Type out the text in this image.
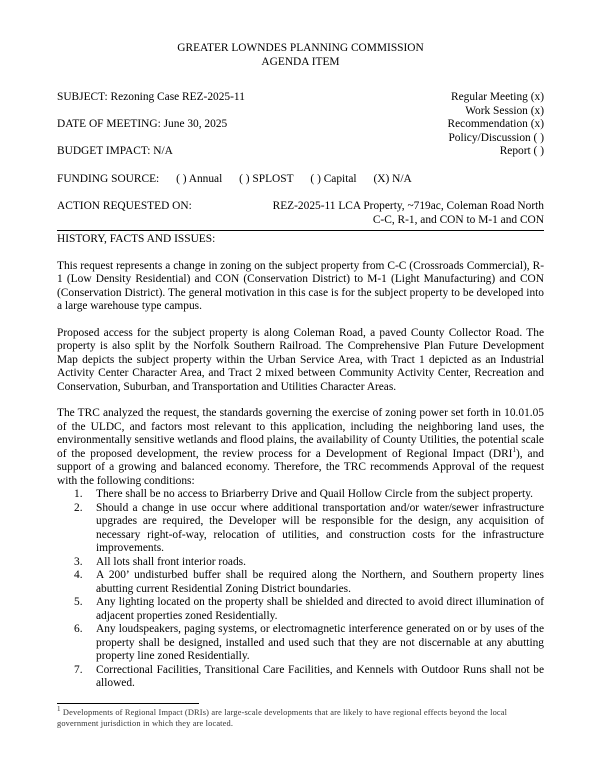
GREATER LOWNDES PLANNING COMMISSION
AGENDA ITEM
SUBJECT: Rezoning Case REZ-2025-11
DATE OF MEETING: June 30, 2025
BUDGET IMPACT: N/A
Regular Meeting (x)
Work Session (x)
Recommendation (x)
Policy/Discussion ( )
Report ( )
FUNDING SOURCE: ( ) Annual ( ) SPLOST ( ) Capital (X) N/A
ACTION REQUESTED ON:	REZ-2025-11 LCA Property, ~719ac, Coleman Road North
C-C, R-1, and CON to M-1 and CON
HISTORY, FACTS AND ISSUES:

This request represents a change in zoning on the subject property from C-C (Crossroads Commercial), R-1 (Low Density Residential) and CON (Conservation District) to M-1 (Light Manufacturing) and CON (Conservation District). The general motivation in this case is for the subject property to be developed into a large warehouse type campus.

Proposed access for the subject property is along Coleman Road, a paved County Collector Road. The property is also split by the Norfolk Southern Railroad. The Comprehensive Plan Future Development Map depicts the subject property within the Urban Service Area, with Tract 1 depicted as an Industrial Activity Center Character Area, and Tract 2 mixed between Community Activity Center, Recreation and Conservation, Suburban, and Transportation and Utilities Character Areas.

The TRC analyzed the request, the standards governing the exercise of zoning power set forth in 10.01.05 of the ULDC, and factors most relevant to this application, including the neighboring land uses, the environmentally sensitive wetlands and flood plains, the availability of County Utilities, the potential scale of the proposed development, the review process for a Development of Regional Impact (DRI$^1$), and support of a growing and balanced economy. Therefore, the TRC recommends Approval of the request with the following conditions:

1.	There shall be no access to Briarberry Drive and Quail Hollow Circle from the subject property.
2.	Should a change in use occur where additional transportation and/or water/sewer infrastructure upgrades are required, the Developer will be responsible for the design, any acquisition of necessary right-of-way, relocation of utilities, and construction costs for the infrastructure improvements.
3.	All lots shall front interior roads.
4.	A 200’ undisturbed buffer shall be required along the Northern, and Southern property lines abutting current Residential Zoning District boundaries.
5.	Any lighting located on the property shall be shielded and directed to avoid direct illumination of adjacent properties zoned Residentially.
6.	Any loudspeakers, paging systems, or electromagnetic interference generated on or by uses of the property shall be designed, installed and used such that they are not discernable at any abutting property line zoned Residentially.
7.	Correctional Facilities, Transitional Care Facilities, and Kennels with Outdoor Runs shall not be allowed.
$^1$ Developments of Regional Impact (DRIs) are large-scale developments that are likely to have regional effects beyond the local government jurisdiction in which they are located.
